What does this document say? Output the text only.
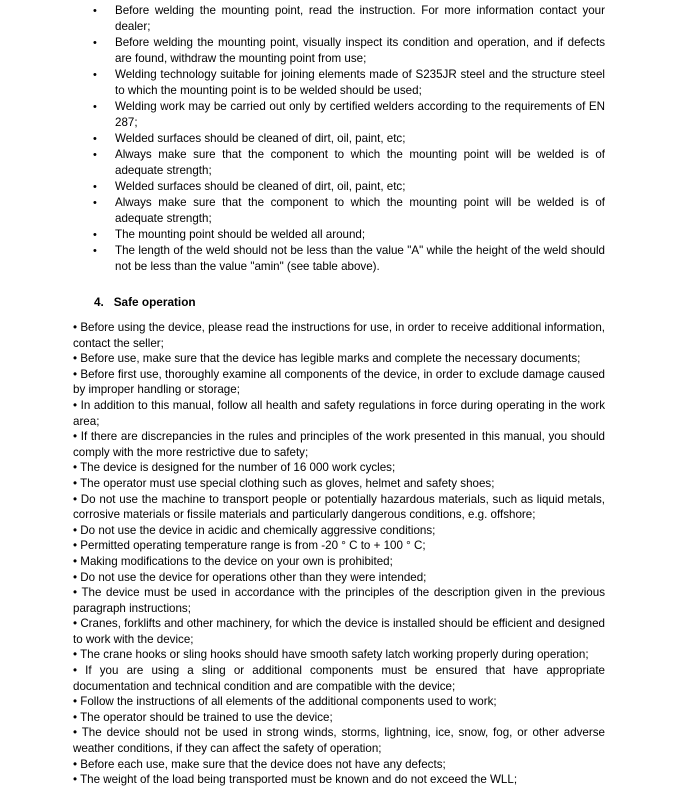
• Before welding the mounting point, read the instruction. For more information contact your dealer;
• Before welding the mounting point, visually inspect its condition and operation, and if defects are found, withdraw the mounting point from use;
• Welding technology suitable for joining elements made of S235JR steel and the structure steel to which the mounting point is to be welded should be used;
• Welding work may be carried out only by certified welders according to the requirements of EN 287;
• Welded surfaces should be cleaned of dirt, oil, paint, etc;
• Always make sure that the component to which the mounting point will be welded is of adequate strength;
• Welded surfaces should be cleaned of dirt, oil, paint, etc;
• Always make sure that the component to which the mounting point will be welded is of adequate strength;
• The mounting point should be welded all around;
• The length of the weld should not be less than the value "A" while the height of the weld should not be less than the value "amin" (see table above).
4. Safe operation

• Before using the device, please read the instructions for use, in order to receive additional information, contact the seller;

• Before use, make sure that the device has legible marks and complete the necessary documents;

• Before first use, thoroughly examine all components of the device, in order to exclude damage caused by improper handling or storage;

• In addition to this manual, follow all health and safety regulations in force during operating in the work area;

• If there are discrepancies in the rules and principles of the work presented in this manual, you should comply with the more restrictive due to safety;

• The device is designed for the number of 16 000 work cycles;

• The operator must use special clothing such as gloves, helmet and safety shoes;

• Do not use the machine to transport people or potentially hazardous materials, such as liquid metals, corrosive materials or fissile materials and particularly dangerous conditions, e.g. offshore;

• Do not use the device in acidic and chemically aggressive conditions;

• Permitted operating temperature range is from -20 ° C to + 100 ° C;

• Making modifications to the device on your own is prohibited;

• Do not use the device for operations other than they were intended;

• The device must be used in accordance with the principles of the description given in the previous paragraph instructions;

• Cranes, forklifts and other machinery, for which the device is installed should be efficient and designed to work with the device;

• The crane hooks or sling hooks should have smooth safety latch working properly during operation;

• If you are using a sling or additional components must be ensured that have appropriate documentation and technical condition and are compatible with the device;

• Follow the instructions of all elements of the additional components used to work;

• The operator should be trained to use the device;

• The device should not be used in strong winds, storms, lightning, ice, snow, fog, or other adverse weather conditions, if they can affect the safety of operation;

• Before each use, make sure that the device does not have any defects;

• The weight of the load being transported must be known and do not exceed the WLL;
